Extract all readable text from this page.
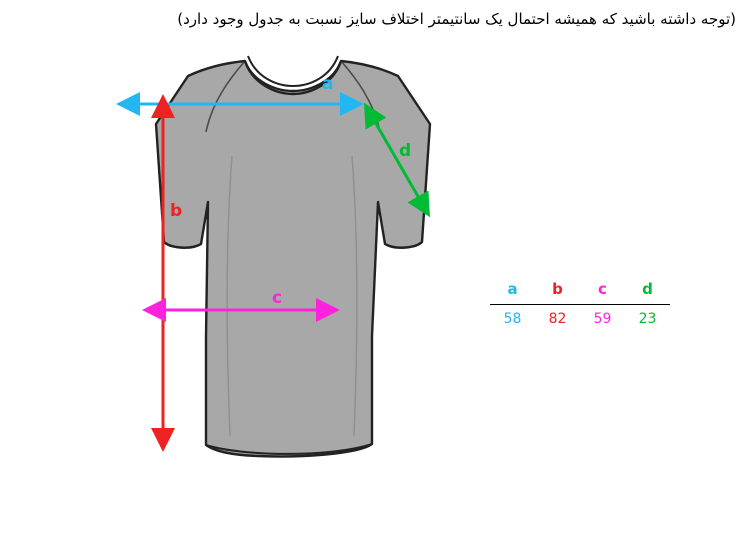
(توجه داشته باشید که همیشه احتمال یک سانتیمتر اختلاف سایز نسبت به جدول وجود دارد)
a
b
c
d
a	b	c	d
58	82	59	23
